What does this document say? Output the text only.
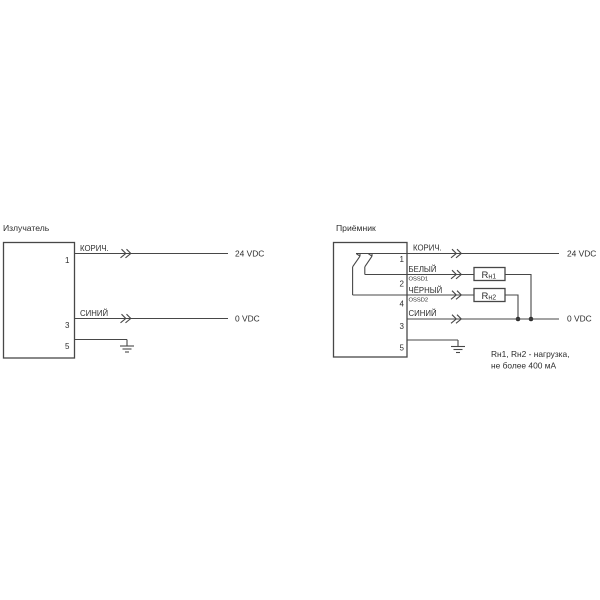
Излучатель
1
3
5
КОРИЧ.	24 VDC
СИНИЙ	0 VDC
Приёмник
1
2
4
3
5
КОРИЧ.
24 VDC
БЕЛЫЙ
OSSD1	Rн1
ЧЁРНЫЙ
OSSD2	Rн2
СИНИЙ	0 VDC
Rн1, Rн2 - нагрузка,
не более 400 мА
